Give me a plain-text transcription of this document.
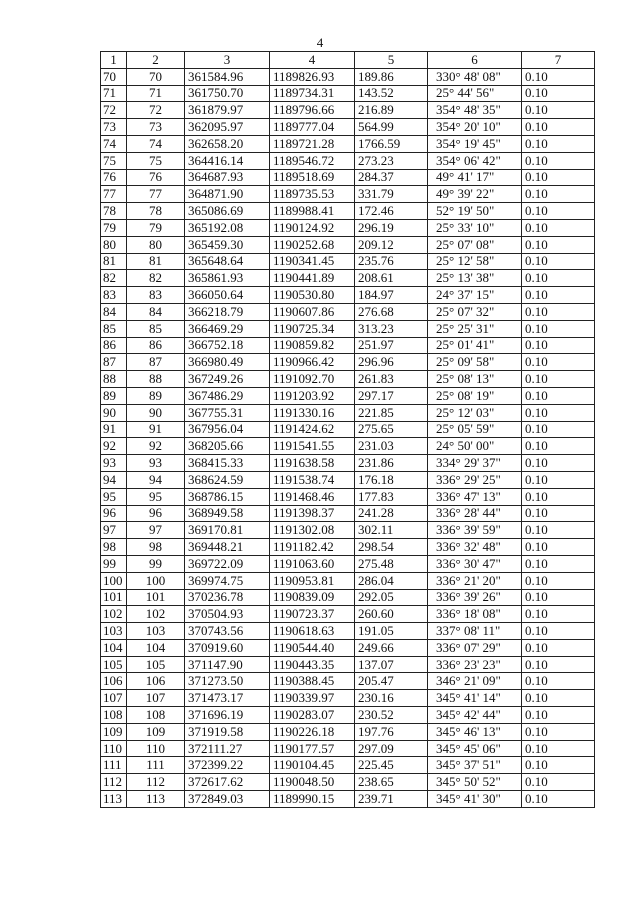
4
1	2	3	4	5	6	7
70	70	361584.96	1189826.93	189.86	330° 48' 08"	0.10
71	71	361750.70	1189734.31	143.52	25° 44' 56"	0.10
72	72	361879.97	1189796.66	216.89	354° 48' 35"	0.10
73	73	362095.97	1189777.04	564.99	354° 20' 10"	0.10
74	74	362658.20	1189721.28	1766.59	354° 19' 45"	0.10
75	75	364416.14	1189546.72	273.23	354° 06' 42"	0.10
76	76	364687.93	1189518.69	284.37	49° 41' 17"	0.10
77	77	364871.90	1189735.53	331.79	49° 39' 22"	0.10
78	78	365086.69	1189988.41	172.46	52° 19' 50"	0.10
79	79	365192.08	1190124.92	296.19	25° 33' 10"	0.10
80	80	365459.30	1190252.68	209.12	25° 07' 08"	0.10
81	81	365648.64	1190341.45	235.76	25° 12' 58"	0.10
82	82	365861.93	1190441.89	208.61	25° 13' 38"	0.10
83	83	366050.64	1190530.80	184.97	24° 37' 15"	0.10
84	84	366218.79	1190607.86	276.68	25° 07' 32"	0.10
85	85	366469.29	1190725.34	313.23	25° 25' 31"	0.10
86	86	366752.18	1190859.82	251.97	25° 01' 41"	0.10
87	87	366980.49	1190966.42	296.96	25° 09' 58"	0.10
88	88	367249.26	1191092.70	261.83	25° 08' 13"	0.10
89	89	367486.29	1191203.92	297.17	25° 08' 19"	0.10
90	90	367755.31	1191330.16	221.85	25° 12' 03"	0.10
91	91	367956.04	1191424.62	275.65	25° 05' 59"	0.10
92	92	368205.66	1191541.55	231.03	24° 50' 00"	0.10
93	93	368415.33	1191638.58	231.86	334° 29' 37"	0.10
94	94	368624.59	1191538.74	176.18	336° 29' 25"	0.10
95	95	368786.15	1191468.46	177.83	336° 47' 13"	0.10
96	96	368949.58	1191398.37	241.28	336° 28' 44"	0.10
97	97	369170.81	1191302.08	302.11	336° 39' 59"	0.10
98	98	369448.21	1191182.42	298.54	336° 32' 48"	0.10
99	99	369722.09	1191063.60	275.48	336° 30' 47"	0.10
100	100	369974.75	1190953.81	286.04	336° 21' 20"	0.10
101	101	370236.78	1190839.09	292.05	336° 39' 26"	0.10
102	102	370504.93	1190723.37	260.60	336° 18' 08"	0.10
103	103	370743.56	1190618.63	191.05	337° 08' 11"	0.10
104	104	370919.60	1190544.40	249.66	336° 07' 29"	0.10
105	105	371147.90	1190443.35	137.07	336° 23' 23"	0.10
106	106	371273.50	1190388.45	205.47	346° 21' 09"	0.10
107	107	371473.17	1190339.97	230.16	345° 41' 14"	0.10
108	108	371696.19	1190283.07	230.52	345° 42' 44"	0.10
109	109	371919.58	1190226.18	197.76	345° 46' 13"	0.10
110	110	372111.27	1190177.57	297.09	345° 45' 06"	0.10
111	111	372399.22	1190104.45	225.45	345° 37' 51"	0.10
112	112	372617.62	1190048.50	238.65	345° 50' 52"	0.10
113	113	372849.03	1189990.15	239.71	345° 41' 30"	0.10
